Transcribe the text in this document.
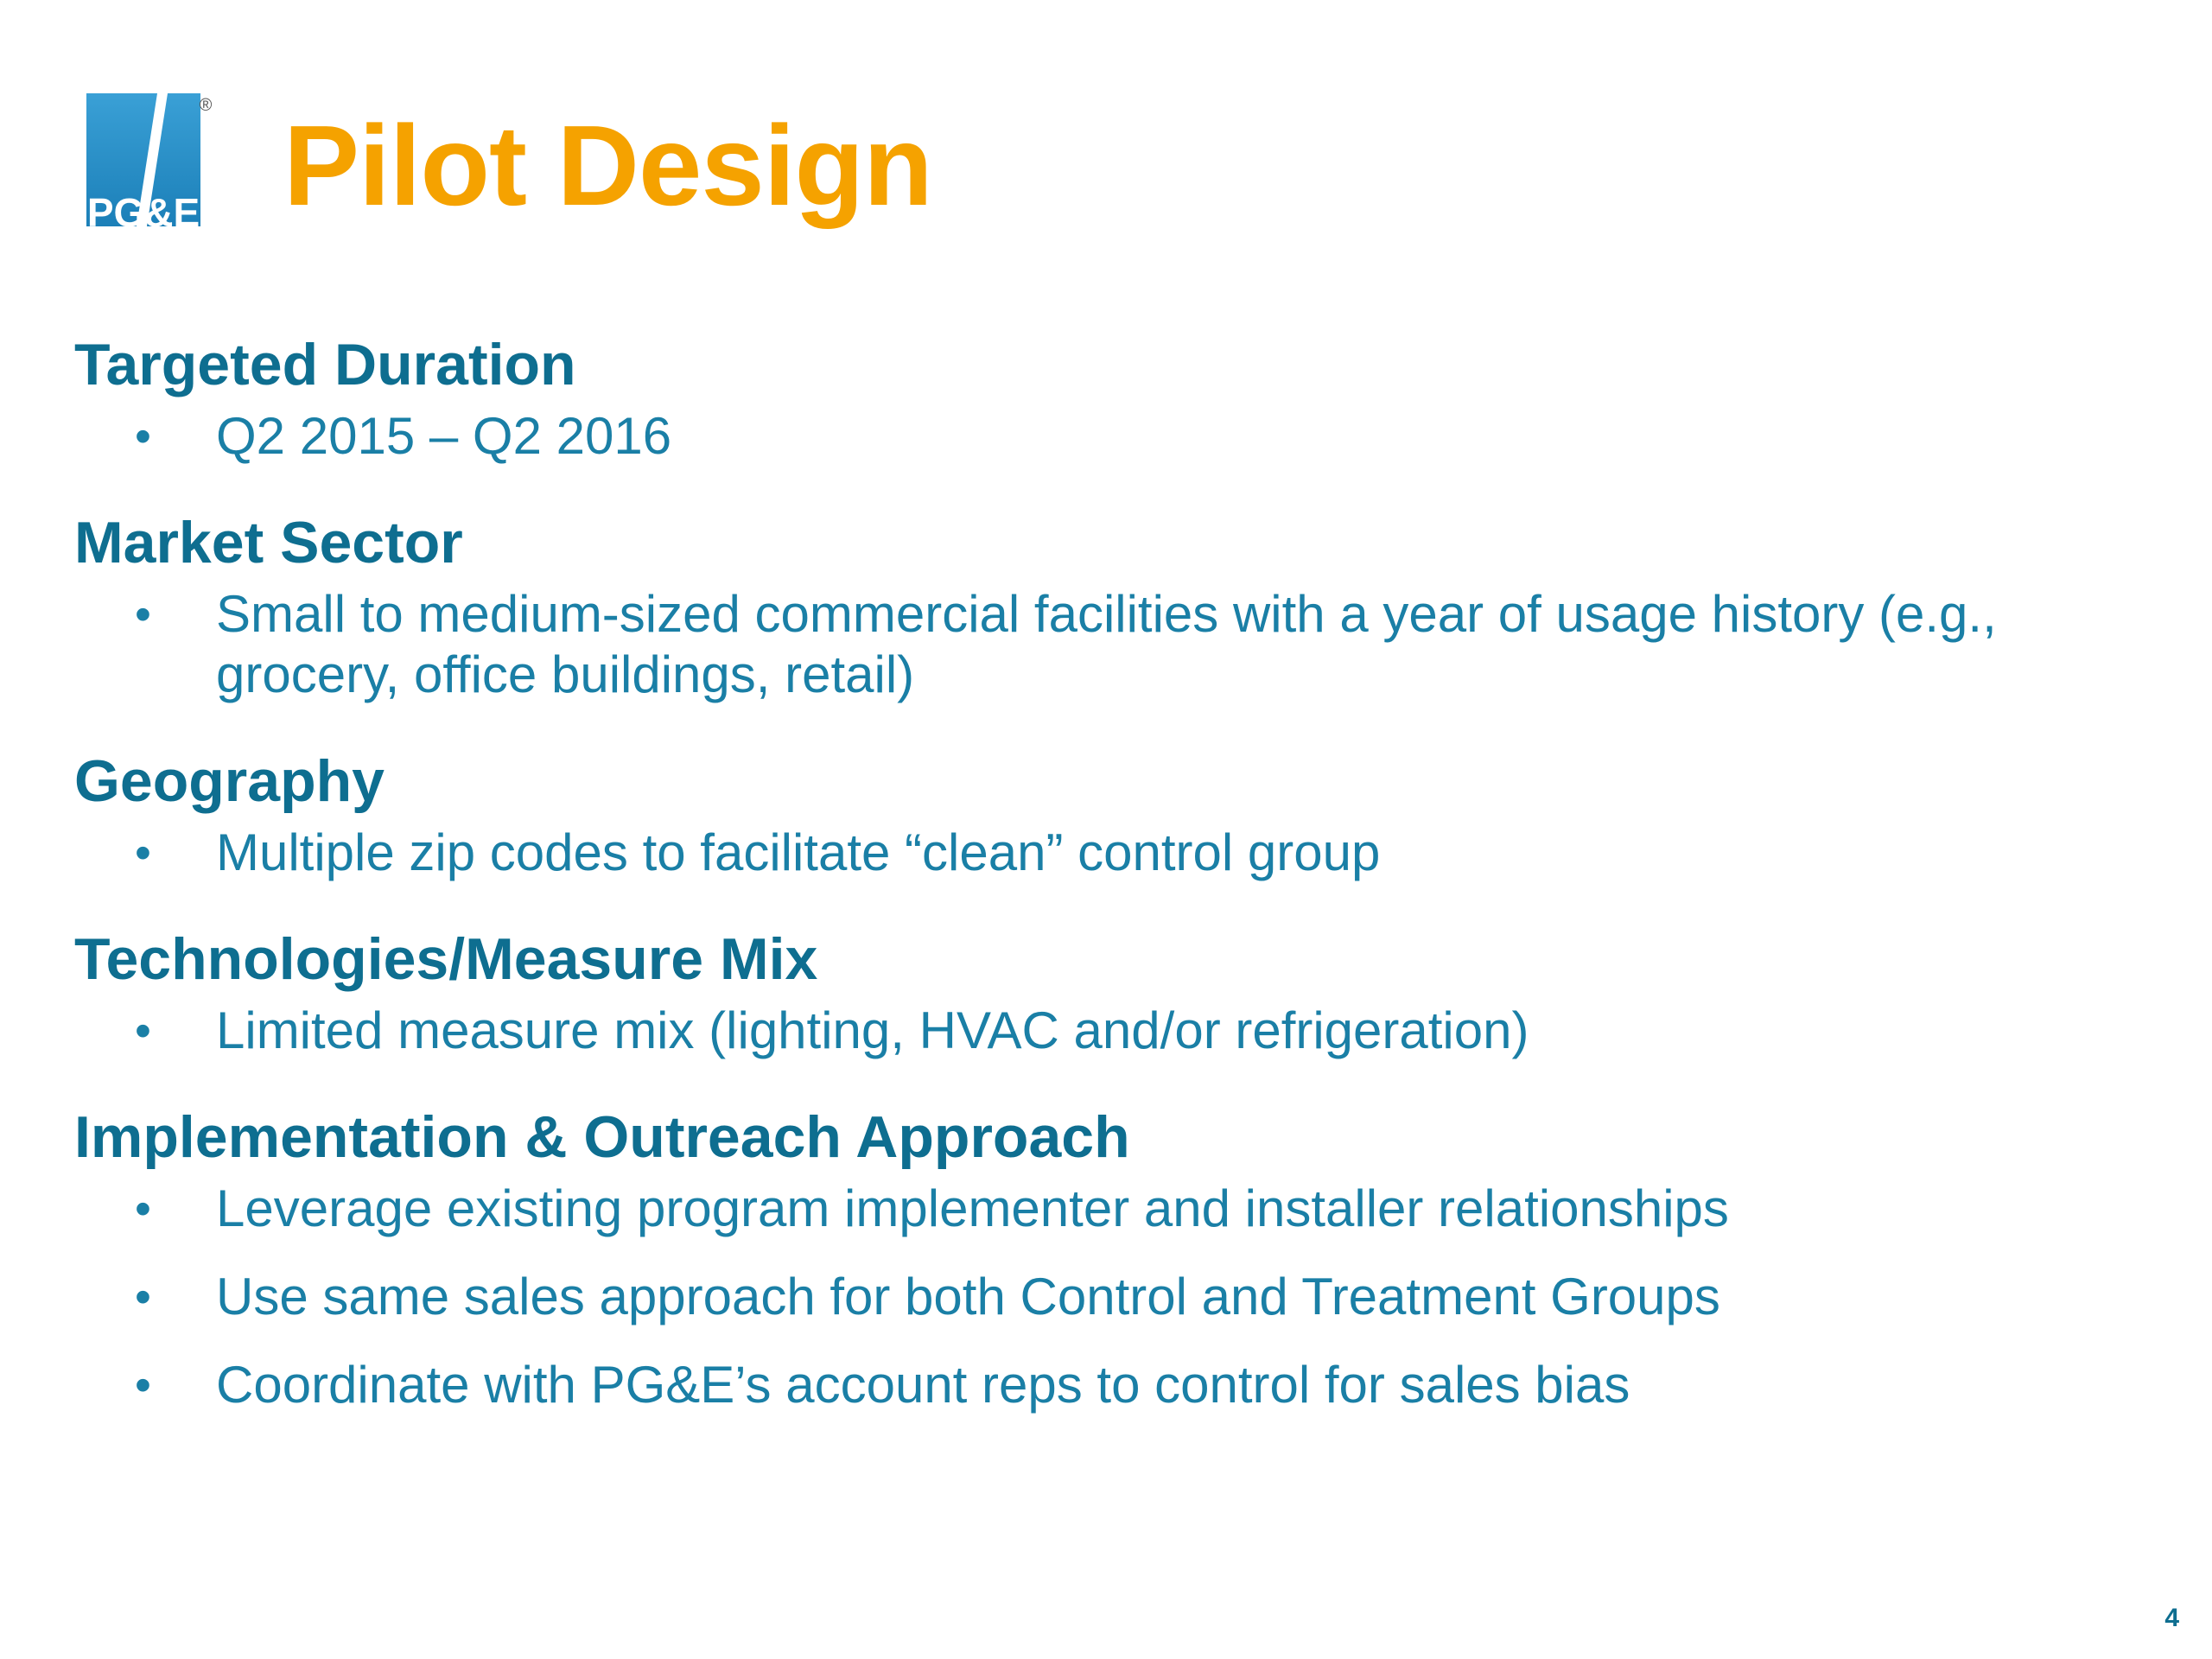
PG&E
® Pilot Design
Targeted Duration
• Q2 2015 – Q2 2016
Market Sector
• Small to medium-sized commercial facilities with a year of usage history (e.g., grocery, office buildings, retail)
Geography
• Multiple zip codes to facilitate “clean” control group
Technologies/Measure Mix
• Limited measure mix (lighting, HVAC and/or refrigeration)
Implementation & Outreach Approach
• Leverage existing program implementer and installer relationships
• Use same sales approach for both Control and Treatment Groups
• Coordinate with PG&E’s account reps to control for sales bias
4
